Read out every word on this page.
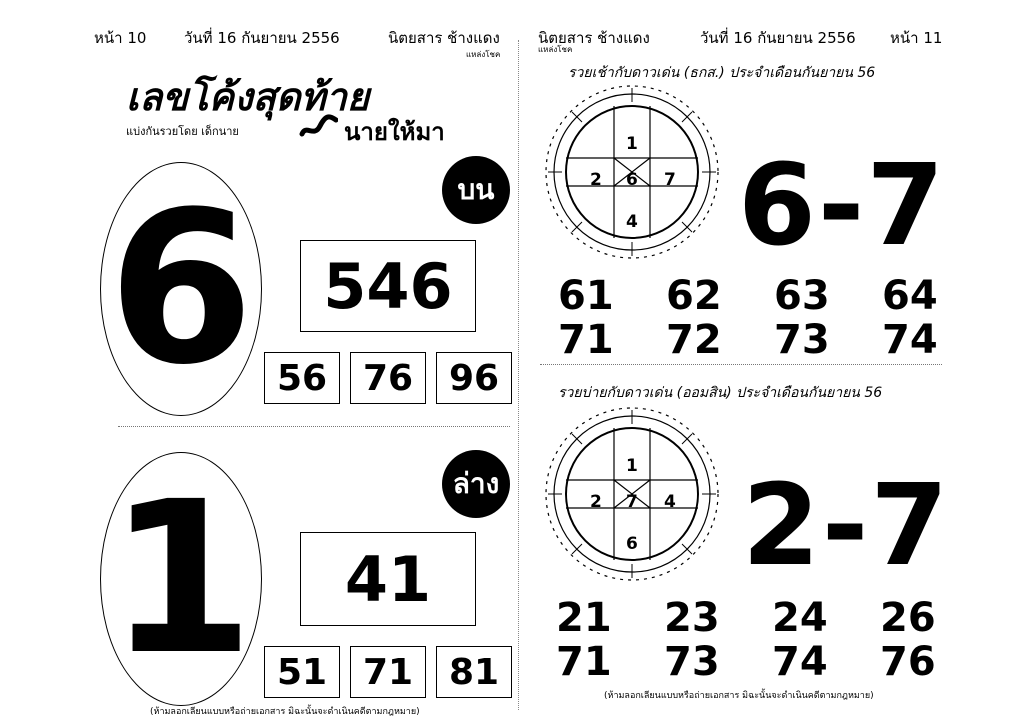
หน้า 10	วันที่ 16 กันยายน 2556	นิตยสาร ช้างแดง
แหล่งโชค
นิตยสาร ช้างแดง
แหล่งโชค
วันที่ 16 กันยายน 2556 หน้า 11
เลขโค้งสุดท้าย
แบ่งกันรวยโดย เด็กนาย	นายให้มา
6	บน
546
56 76 96
1	ล่าง
41
51 71 81
(ห้ามลอกเลียนแบบหรือถ่ายเอกสาร มิฉะนั้นจะดำเนินคดีตามกฎหมาย)
รวยเช้ากับดาวเด่น (ธกส.) ประจำเดือนกันยายน 56
1
2 6 7
4 6-7
61	62	63	64
71	72	73	74
รวยบ่ายกับดาวเด่น (ออมสิน) ประจำเดือนกันยายน 56
1
2 7 4
6 2-7
21	23	24	26
71	73	74	76
(ห้ามลอกเลียนแบบหรือถ่ายเอกสาร มิฉะนั้นจะดำเนินคดีตามกฎหมาย)
